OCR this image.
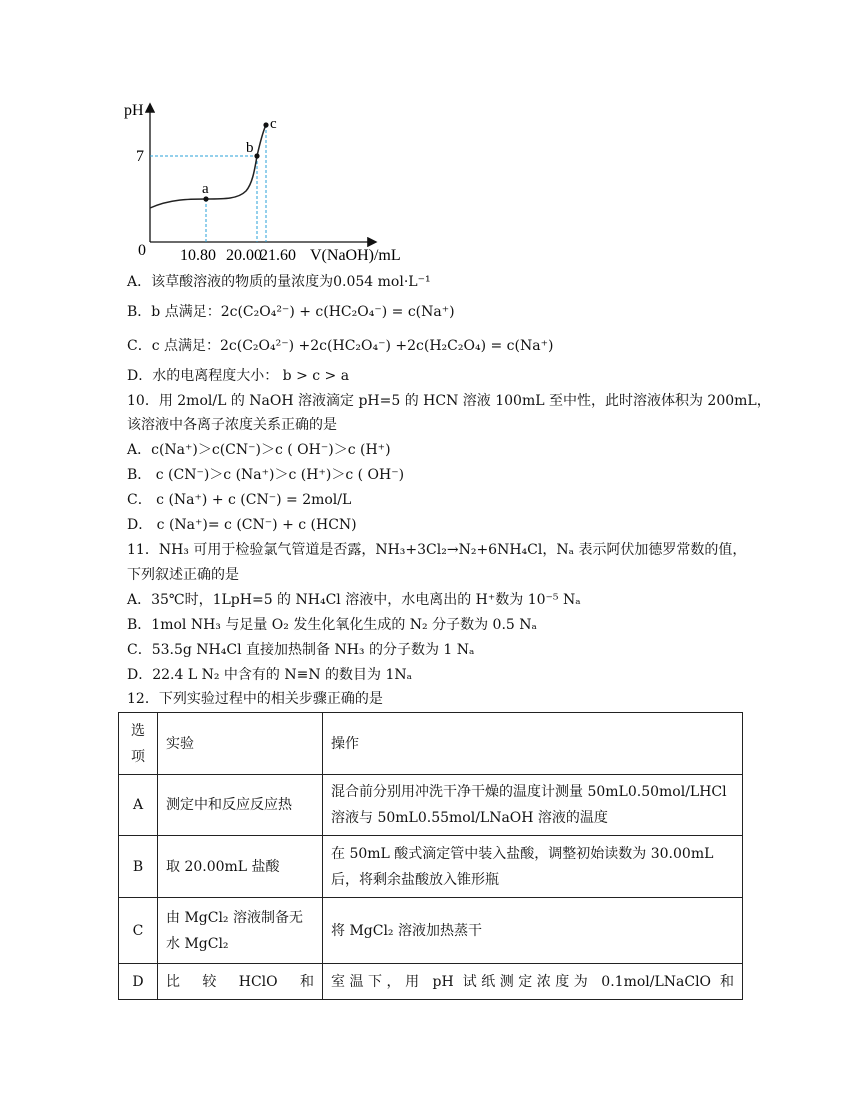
pH
7
0
a
b
c
10.80 20.00
21.60 V(NaOH)/mL
A．该草酸溶液的物质的量浓度为0.054 mol·L⁻¹
B．b 点满足：2c(C₂O₄²⁻) + c(HC₂O₄⁻) = c(Na⁺)
C．c 点满足：2c(C₂O₄²⁻) +2c(HC₂O₄⁻) +2c(H₂C₂O₄) = c(Na⁺)
D．水的电离程度大小： b > c > a
10．用 2mol/L 的 NaOH 溶液滴定 pH=5 的 HCN 溶液 100mL 至中性，此时溶液体积为 200mL，
该溶液中各离子浓度关系正确的是
A．c(Na⁺)＞c(CN⁻)＞c ( OH⁻)＞c (H⁺)
B． c (CN⁻)＞c (Na⁺)＞c (H⁺)＞c ( OH⁻)
C． c (Na⁺) + c (CN⁻) = 2mol/L
D． c (Na⁺)= c (CN⁻) + c (HCN)
11．NH₃ 可用于检验氯气管道是否露，NH₃+3Cl₂→N₂+6NH₄Cl，Nₐ 表示阿伏加德罗常数的值，
下列叙述正确的是
A．35℃时，1LpH=5 的 NH₄Cl 溶液中，水电离出的 H⁺数为 10⁻⁵ Nₐ
B．1mol NH₃ 与足量 O₂ 发生化氧化生成的 N₂ 分子数为 0.5 Nₐ
C．53.5g NH₄Cl 直接加热制备 NH₃ 的分子数为 1 Nₐ
D．22.4 L N₂ 中含有的 N≡N 的数目为 1Nₐ
12．下列实验过程中的相关步骤正确的是
选项	实验	操作
A	测定中和反应反应热	混合前分别用冲洗干净干燥的温度计测量 50mL0.50mol/LHCl 溶液与 50mL0.55mol/LNaOH 溶液的温度
B	取 20.00mL 盐酸	在 50mL 酸式滴定管中装入盐酸，调整初始读数为 30.00mL 后，将剩余盐酸放入锥形瓶
C	由 MgCl₂ 溶液制备无水 MgCl₂	将 MgCl₂ 溶液加热蒸干
D	比　较　HClO　和	室温下，用 pH 试纸测定浓度为 0.1mol/LNaClO 和
